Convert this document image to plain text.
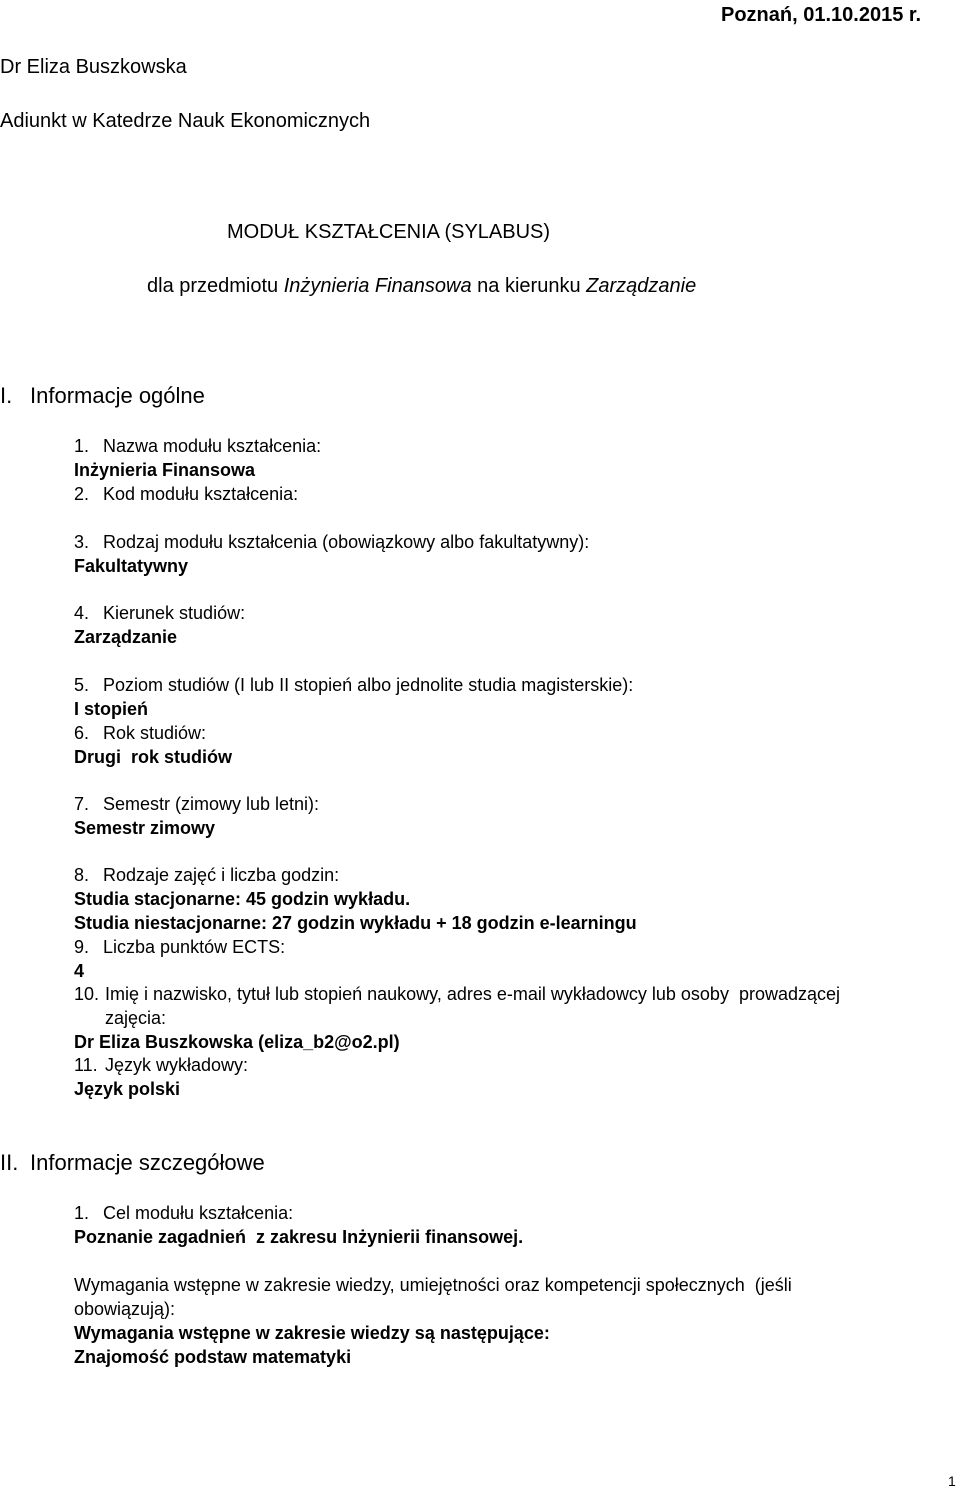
Poznań, 01.10.2015 r.
Dr Eliza Buszkowska
Adiunkt w Katedrze Nauk Ekonomicznych
MODUŁ KSZTAŁCENIA (SYLABUS)
dla przedmiotu Inżynieria Finansowa na kierunku Zarządzanie
I. Informacje ogólne
1. Nazwa modułu kształcenia:
Inżynieria Finansowa
2. Kod modułu kształcenia:
3. Rodzaj modułu kształcenia (obowiązkowy albo fakultatywny):
Fakultatywny
4. Kierunek studiów:
Zarządzanie
5. Poziom studiów (I lub II stopień albo jednolite studia magisterskie):
I stopień
6. Rok studiów:
Drugi  rok studiów
7. Semestr (zimowy lub letni):
Semestr zimowy
8. Rodzaje zajęć i liczba godzin:
Studia stacjonarne: 45 godzin wykładu.
Studia niestacjonarne: 27 godzin wykładu + 18 godzin e-learningu
9. Liczba punktów ECTS:
4
10. Imię i nazwisko, tytuł lub stopień naukowy, adres e-mail wykładowcy lub osoby  prowadzącej
zajęcia:
Dr Eliza Buszkowska (eliza_b2@o2.pl)
11. Język wykładowy:
Język polski
II. Informacje szczegółowe
1. Cel modułu kształcenia:
Poznanie zagadnień  z zakresu Inżynierii finansowej.
Wymagania wstępne w zakresie wiedzy, umiejętności oraz kompetencji społecznych  (jeśli
obowiązują):
Wymagania wstępne w zakresie wiedzy są następujące:
Znajomość podstaw matematyki
1
